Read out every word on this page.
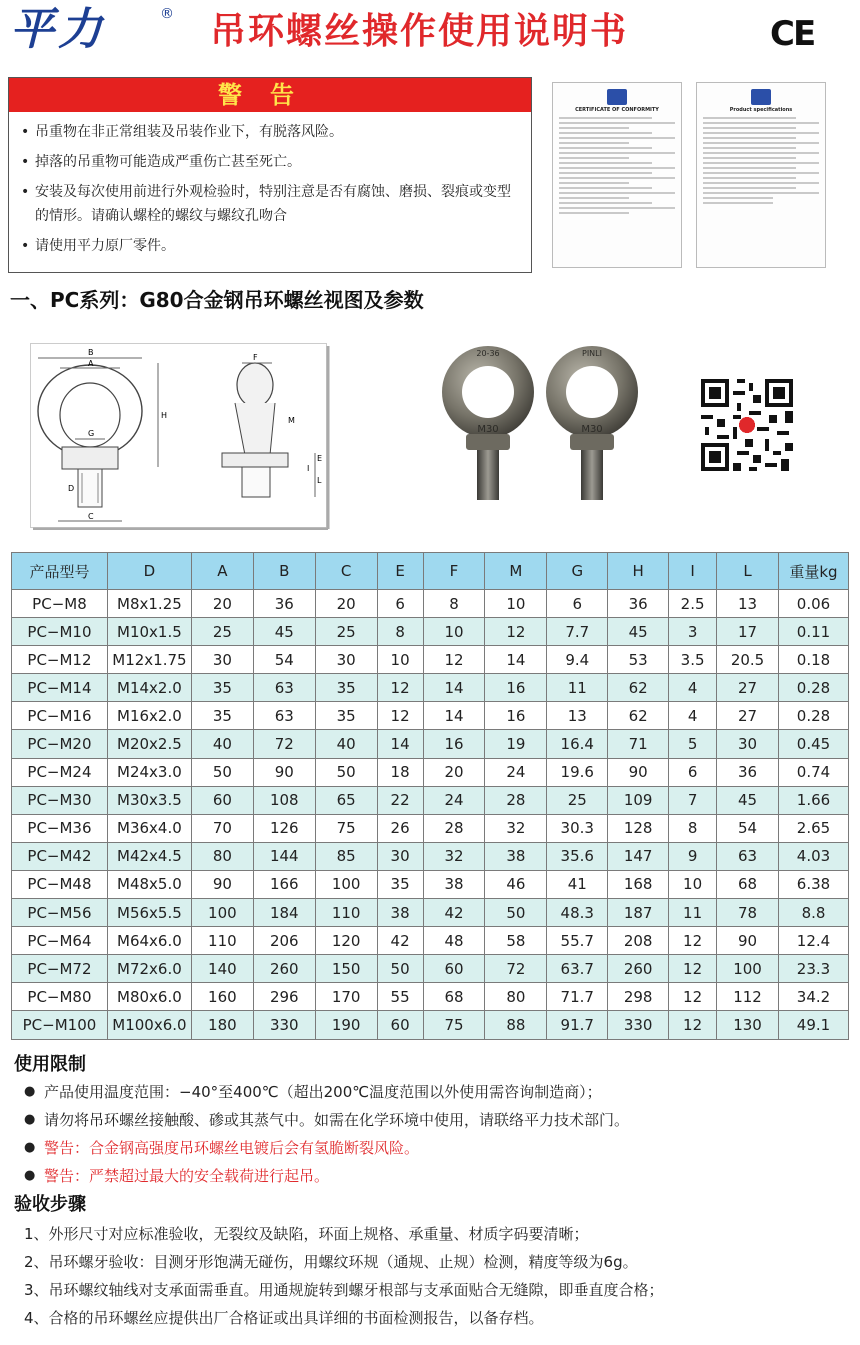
平力	® 吊环螺丝操作使用说明书	CE
警告
• 吊重物在非正常组装及吊装作业下，有脱落风险。
• 掉落的吊重物可能造成严重伤亡甚至死亡。
• 安装及每次使用前进行外观检验时，特别注意是否有腐蚀、磨损、裂痕或变型的情形。请确认螺栓的螺纹与螺纹孔吻合
• 请使用平力原厂零件。
CERTIFICATE OF CONFORMITY	Product specifications
一、PC系列：G80合金钢吊环螺丝视图及参数
B
A
H
G
D
C
F
M
E
L
I
20-36
M30
PINLI
M30
产品型号	D	A	B	C	E	F	M	G	H	I	L	重量kg
PC−M8	M8x1.25	20	36	20	6	8	10	6	36	2.5	13	0.06
PC−M10	M10x1.5	25	45	25	8	10	12	7.7	45	3	17	0.11
PC−M12	M12x1.75	30	54	30	10	12	14	9.4	53	3.5	20.5	0.18
PC−M14	M14x2.0	35	63	35	12	14	16	11	62	4	27	0.28
PC−M16	M16x2.0	35	63	35	12	14	16	13	62	4	27	0.28
PC−M20	M20x2.5	40	72	40	14	16	19	16.4	71	5	30	0.45
PC−M24	M24x3.0	50	90	50	18	20	24	19.6	90	6	36	0.74
PC−M30	M30x3.5	60	108	65	22	24	28	25	109	7	45	1.66
PC−M36	M36x4.0	70	126	75	26	28	32	30.3	128	8	54	2.65
PC−M42	M42x4.5	80	144	85	30	32	38	35.6	147	9	63	4.03
PC−M48	M48x5.0	90	166	100	35	38	46	41	168	10	68	6.38
PC−M56	M56x5.5	100	184	110	38	42	50	48.3	187	11	78	8.8
PC−M64	M64x6.0	110	206	120	42	48	58	55.7	208	12	90	12.4
PC−M72	M72x6.0	140	260	150	50	60	72	63.7	260	12	100	23.3
PC−M80	M80x6.0	160	296	170	55	68	80	71.7	298	12	112	34.2
PC−M100	M100x6.0	180	330	190	60	75	88	91.7	330	12	130	49.1
使用限制
● 产品使用温度范围：−40°至400℃（超出200℃温度范围以外使用需咨询制造商）；
● 请勿将吊环螺丝接触酸、碜或其蒸气中。如需在化学环境中使用，请联络平力技术部门。
● 警告：合金钢高强度吊环螺丝电镀后会有氢脆断裂风险。
● 警告：严禁超过最大的安全载荷进行起吊。
验收步骤
1、外形尺寸对应标准验收，无裂纹及缺陷，环面上规格、承重量、材质字码要清晰；
2、吊环螺牙验收：目测牙形饱满无碰伤，用螺纹环规（通规、止规）检测，精度等级为6g。
3、吊环螺纹轴线对支承面需垂直。用通规旋转到螺牙根部与支承面贴合无缝隙，即垂直度合格；
4、合格的吊环螺丝应提供出厂合格证或出具详细的书面检测报告，以备存档。
